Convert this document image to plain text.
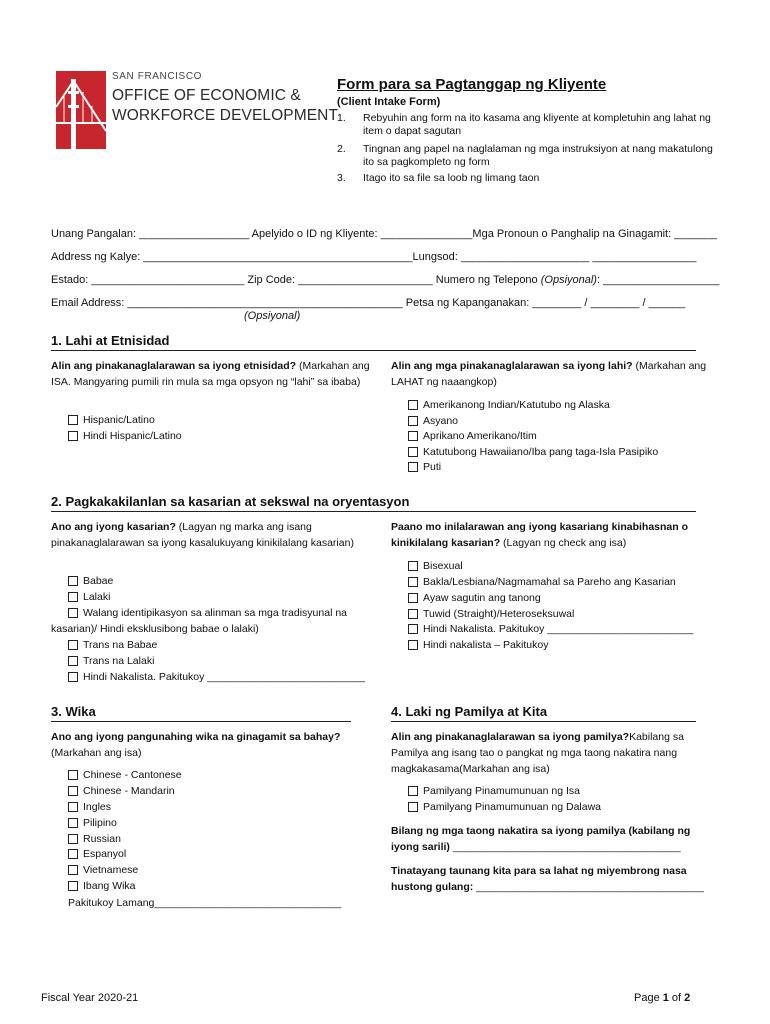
SAN FRANCISCO
OFFICE OF ECONOMIC &
WORKFORCE DEVELOPMENT
Form para sa Pagtanggap ng Kliyente
(Client Intake Form)
1. Rebyuhin ang form na ito kasama ang kliyente at kompletuhin ang lahat ng item o dapat sagutan
2. Tingnan ang papel na naglalaman ng mga instruksiyon at nang makatulong ito sa pagkompleto ng form
3. Itago ito sa file sa loob ng limang taon
Unang Pangalan: __________________ Apelyido o ID ng Kliyente: _______________Mga Pronoun o Panghalip na Ginagamit: _______
Address ng Kalye: ____________________________________________Lungsod: _____________________ _________________
Estado: _________________________ Zip Code: ______________________ Numero ng Telepono (Opsiyonal): ___________________
Email Address: _____________________________________________ Petsa ng Kapanganakan: ________ / ________ / ______
(Opsiyonal)
1. Lahi at Etnisidad
Alin ang pinakanaglalarawan sa iyong etnisidad? (Markahan ang ISA. Mangyaring pumili rin mula sa mga opsyon ng “lahi” sa ibaba)
Hispanic/Latino
Hindi Hispanic/Latino
Alin ang mga pinakanaglalarawan sa iyong lahi? (Markahan ang LAHAT ng naaangkop)
Amerikanong Indian/Katutubo ng Alaska
Asyano
Aprikano Amerikano/Itim
Katutubong Hawaiiano/Iba pang taga-Isla Pasipiko
Puti
2. Pagkakakilanlan sa kasarian at sekswal na oryentasyon
Ano ang iyong kasarian? (Lagyan ng marka ang isang pinakanaglalarawan sa iyong kasalukuyang kinikilalang kasarian)
Babae
Lalaki
Walang identipikasyon sa alinman sa mga tradisyunal na
kasarian)/ Hindi eksklusibong babae o lalaki)
Trans na Babae
Trans na Lalaki
Hindi Nakalista. Pakitukoy ___________________________
Paano mo inilalarawan ang iyong kasariang kinabihasnan o kinikilalang kasarian? (Lagyan ng check ang isa)
Bisexual
Bakla/Lesbiana/Nagmamahal sa Pareho ang Kasarian
Ayaw sagutin ang tanong
Tuwid (Straight)/Heteroseksuwal
Hindi Nakalista. Pakitukoy _________________________
Hindi nakalista – Pakitukoy
3. Wika
Ano ang iyong pangunahing wika na ginagamit sa bahay? (Markahan ang isa)
Chinese - Cantonese
Chinese - Mandarin
Ingles
Pilipino
Russian
Espanyol
Vietnamese
Ibang Wika
Pakitukoy Lamang________________________________
4. Laki ng Pamilya at Kita
Alin ang pinakanaglalarawan sa iyong pamilya?Kabilang sa Pamilya ang isang tao o pangkat ng mga taong nakatira nang magkakasama(Markahan ang isa)
Pamilyang Pinamumunuan ng Isa
Pamilyang Pinamumunuan ng Dalawa
Bilang ng mga taong nakatira sa iyong pamilya (kabilang ng iyong sarili) _______________________________________
Tinatayang taunang kita para sa lahat ng miyembrong nasa hustong gulang: _______________________________________
Fiscal Year 2020-21	Page 1 of 2
